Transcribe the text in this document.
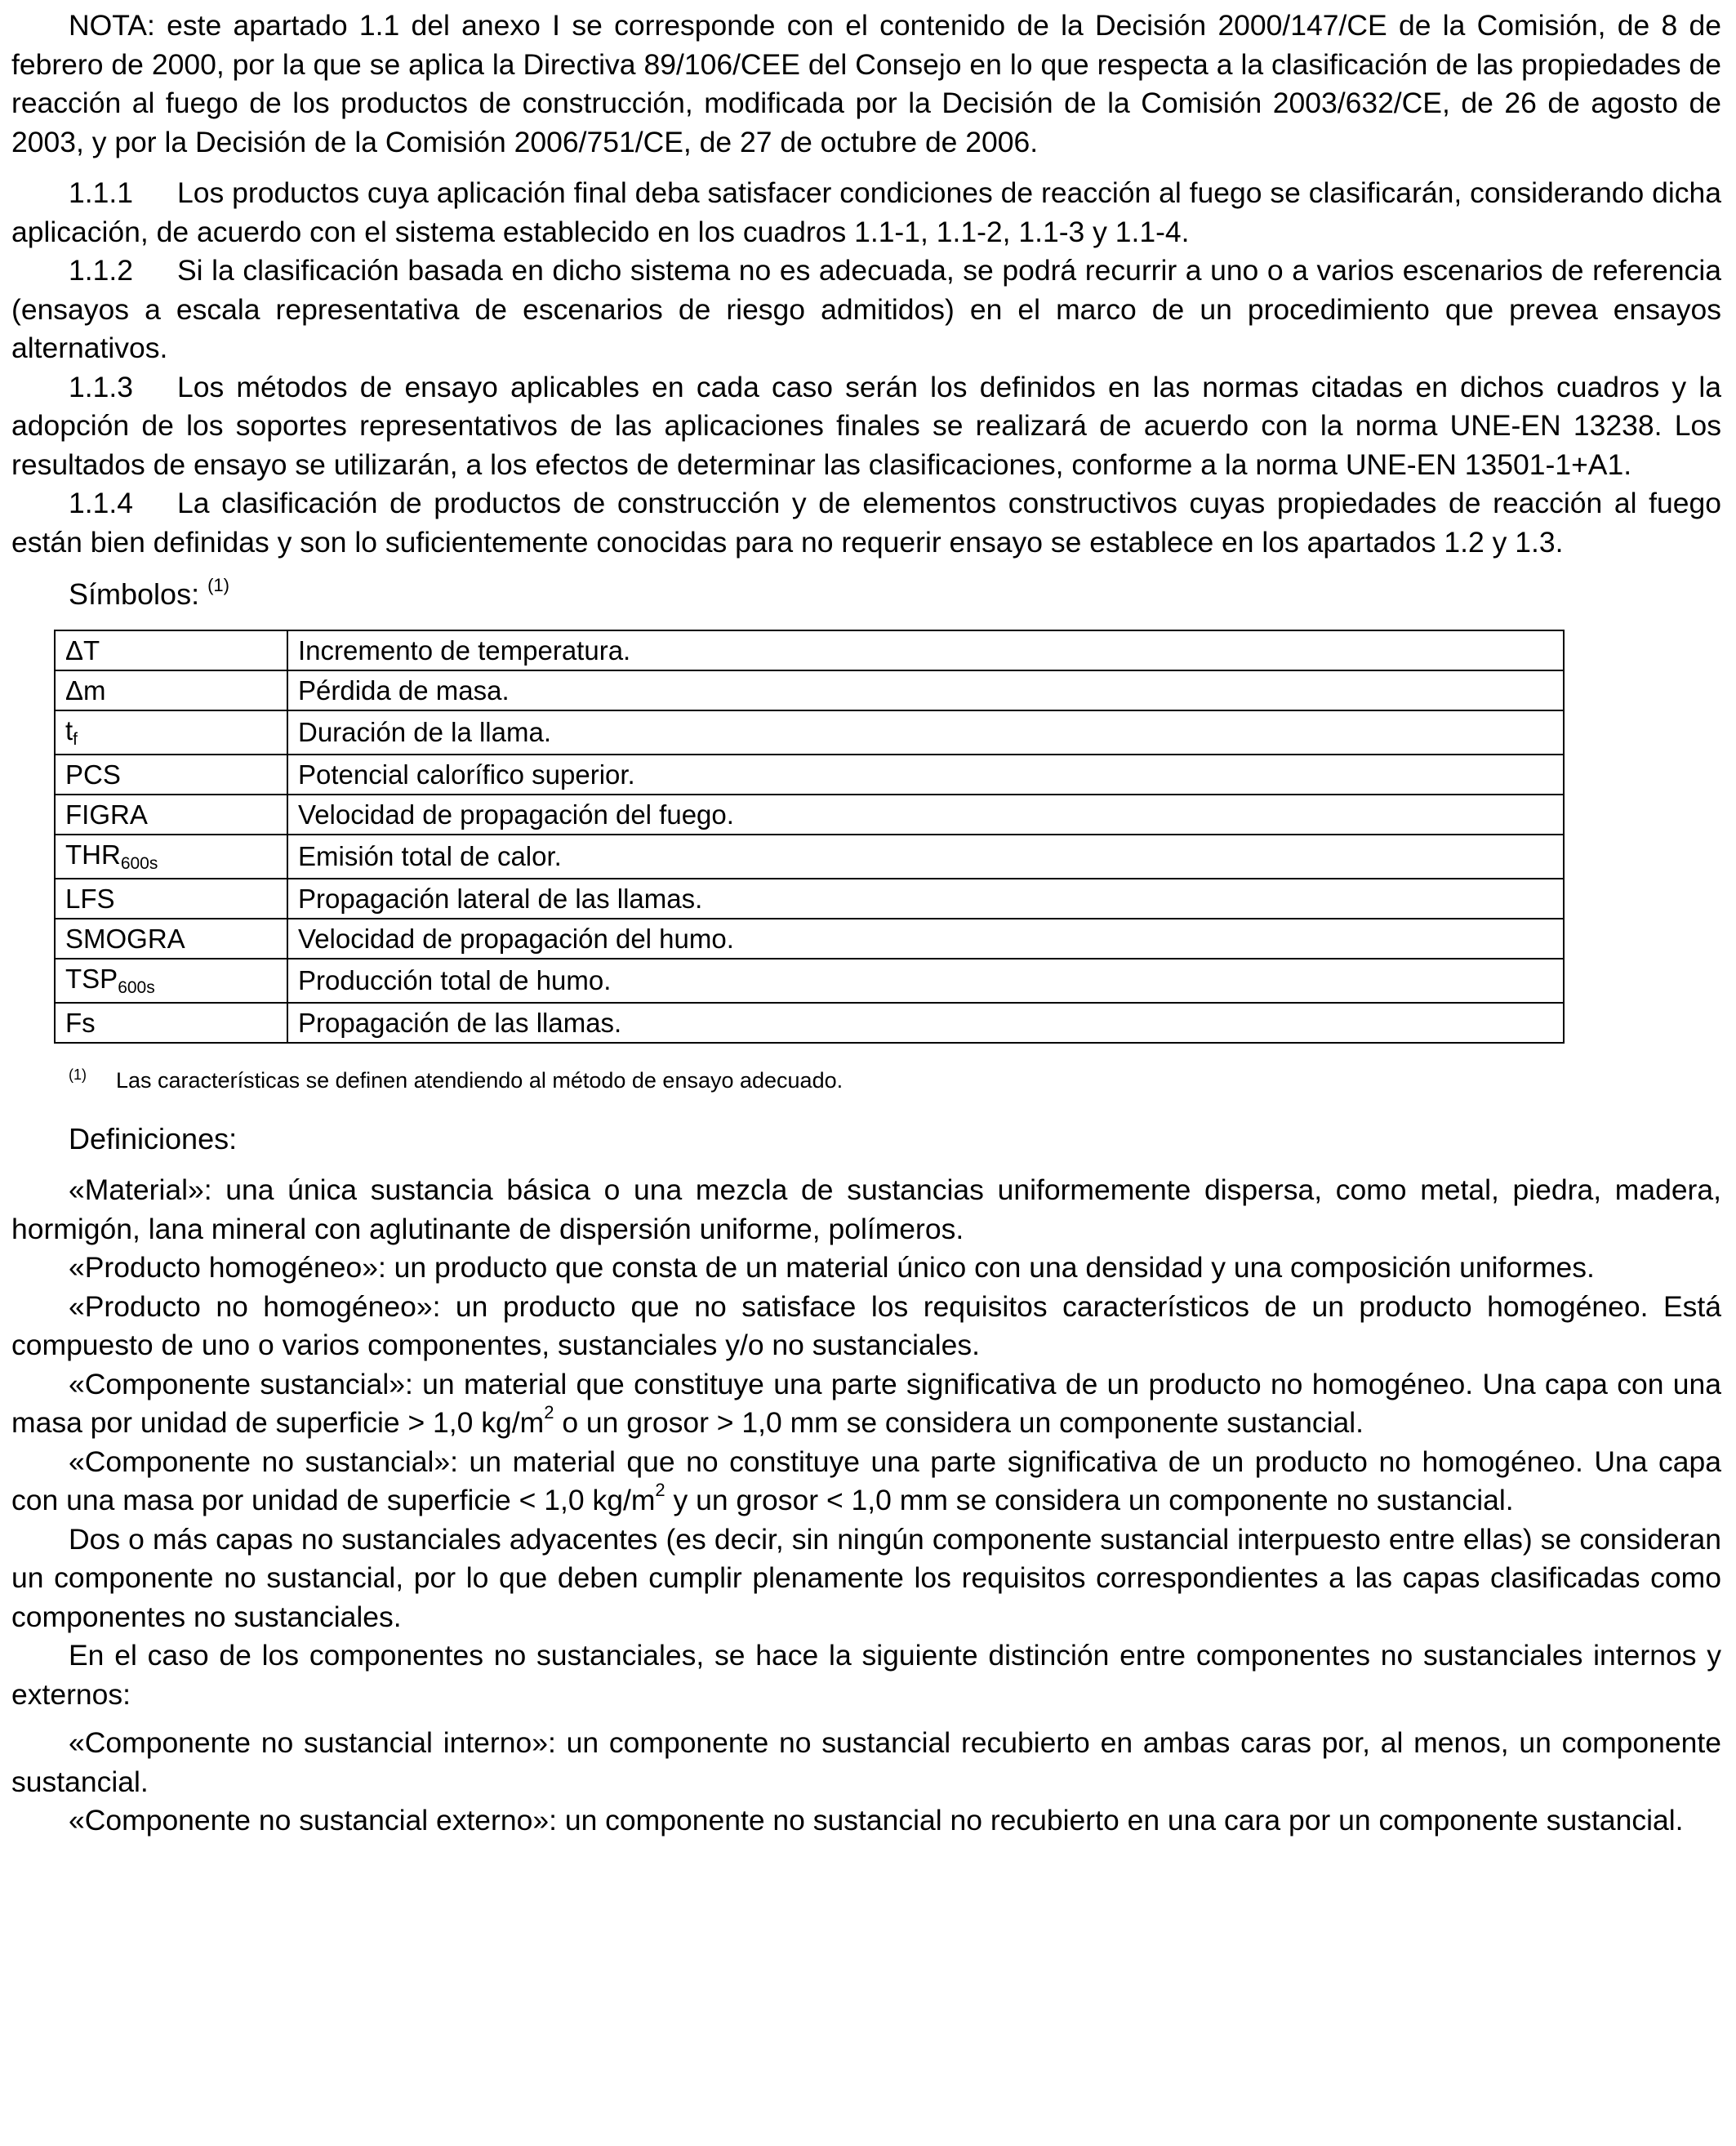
NOTA: este apartado 1.1 del anexo I se corresponde con el contenido de la Decisión 2000/147/CE de la Comisión, de 8 de febrero de 2000, por la que se aplica la Directiva 89/106/CEE del Consejo en lo que respecta a la clasificación de las propiedades de reacción al fuego de los productos de construcción, modificada por la Decisión de la Comisión 2003/632/CE, de 26 de agosto de 2003, y por la Decisión de la Comisión 2006/751/CE, de 27 de octubre de 2006.

1.1.1 Los productos cuya aplicación final deba satisfacer condiciones de reacción al fuego se clasificarán, considerando dicha aplicación, de acuerdo con el sistema establecido en los cuadros 1.1-1, 1.1-2, 1.1-3 y 1.1-4.

1.1.2 Si la clasificación basada en dicho sistema no es adecuada, se podrá recurrir a uno o a varios escenarios de referencia (ensayos a escala representativa de escenarios de riesgo admitidos) en el marco de un procedimiento que prevea ensayos alternativos.

1.1.3 Los métodos de ensayo aplicables en cada caso serán los definidos en las normas citadas en dichos cuadros y la adopción de los soportes representativos de las aplicaciones finales se realizará de acuerdo con la norma UNE-EN 13238. Los resultados de ensayo se utilizarán, a los efectos de determinar las clasificaciones, conforme a la norma UNE-EN 13501-1+A1.

1.1.4 La clasificación de productos de construcción y de elementos constructivos cuyas propiedades de reacción al fuego están bien definidas y son lo suficientemente conocidas para no requerir ensayo se establece en los apartados 1.2 y 1.3.

Símbolos: $^{(1)}$
ΔT	Incremento de temperatura.
Δm	Pérdida de masa.
tf	Duración de la llama.
PCS	Potencial calorífico superior.
FIGRA	Velocidad de propagación del fuego.
THR600s	Emisión total de calor.
LFS	Propagación lateral de las llamas.
SMOGRA	Velocidad de propagación del humo.
TSP600s	Producción total de humo.
Fs	Propagación de las llamas.
(1) Las características se definen atendiendo al método de ensayo adecuado.
Definiciones:

«Material»: una única sustancia básica o una mezcla de sustancias uniformemente dispersa, como metal, piedra, madera, hormigón, lana mineral con aglutinante de dispersión uniforme, polímeros.

«Producto homogéneo»: un producto que consta de un material único con una densidad y una composición uniformes.

«Producto no homogéneo»: un producto que no satisface los requisitos característicos de un producto homogéneo. Está compuesto de uno o varios componentes, sustanciales y/o no sustanciales.

«Componente sustancial»: un material que constituye una parte significativa de un producto no homogéneo. Una capa con una masa por unidad de superficie > 1,0 $kg/m^2$ o un grosor > 1,0 mm se considera un componente sustancial.

«Componente no sustancial»: un material que no constituye una parte significativa de un producto no homogéneo. Una capa con una masa por unidad de superficie < 1,0 $kg/m^2$ y un grosor < 1,0 mm se considera un componente no sustancial.

Dos o más capas no sustanciales adyacentes (es decir, sin ningún componente sustancial interpuesto entre ellas) se consideran un componente no sustancial, por lo que deben cumplir plenamente los requisitos correspondientes a las capas clasificadas como componentes no sustanciales.

En el caso de los componentes no sustanciales, se hace la siguiente distinción entre componentes no sustanciales internos y externos:

«Componente no sustancial interno»: un componente no sustancial recubierto en ambas caras por, al menos, un componente sustancial.

«Componente no sustancial externo»: un componente no sustancial no recubierto en una cara por un componente sustancial.
